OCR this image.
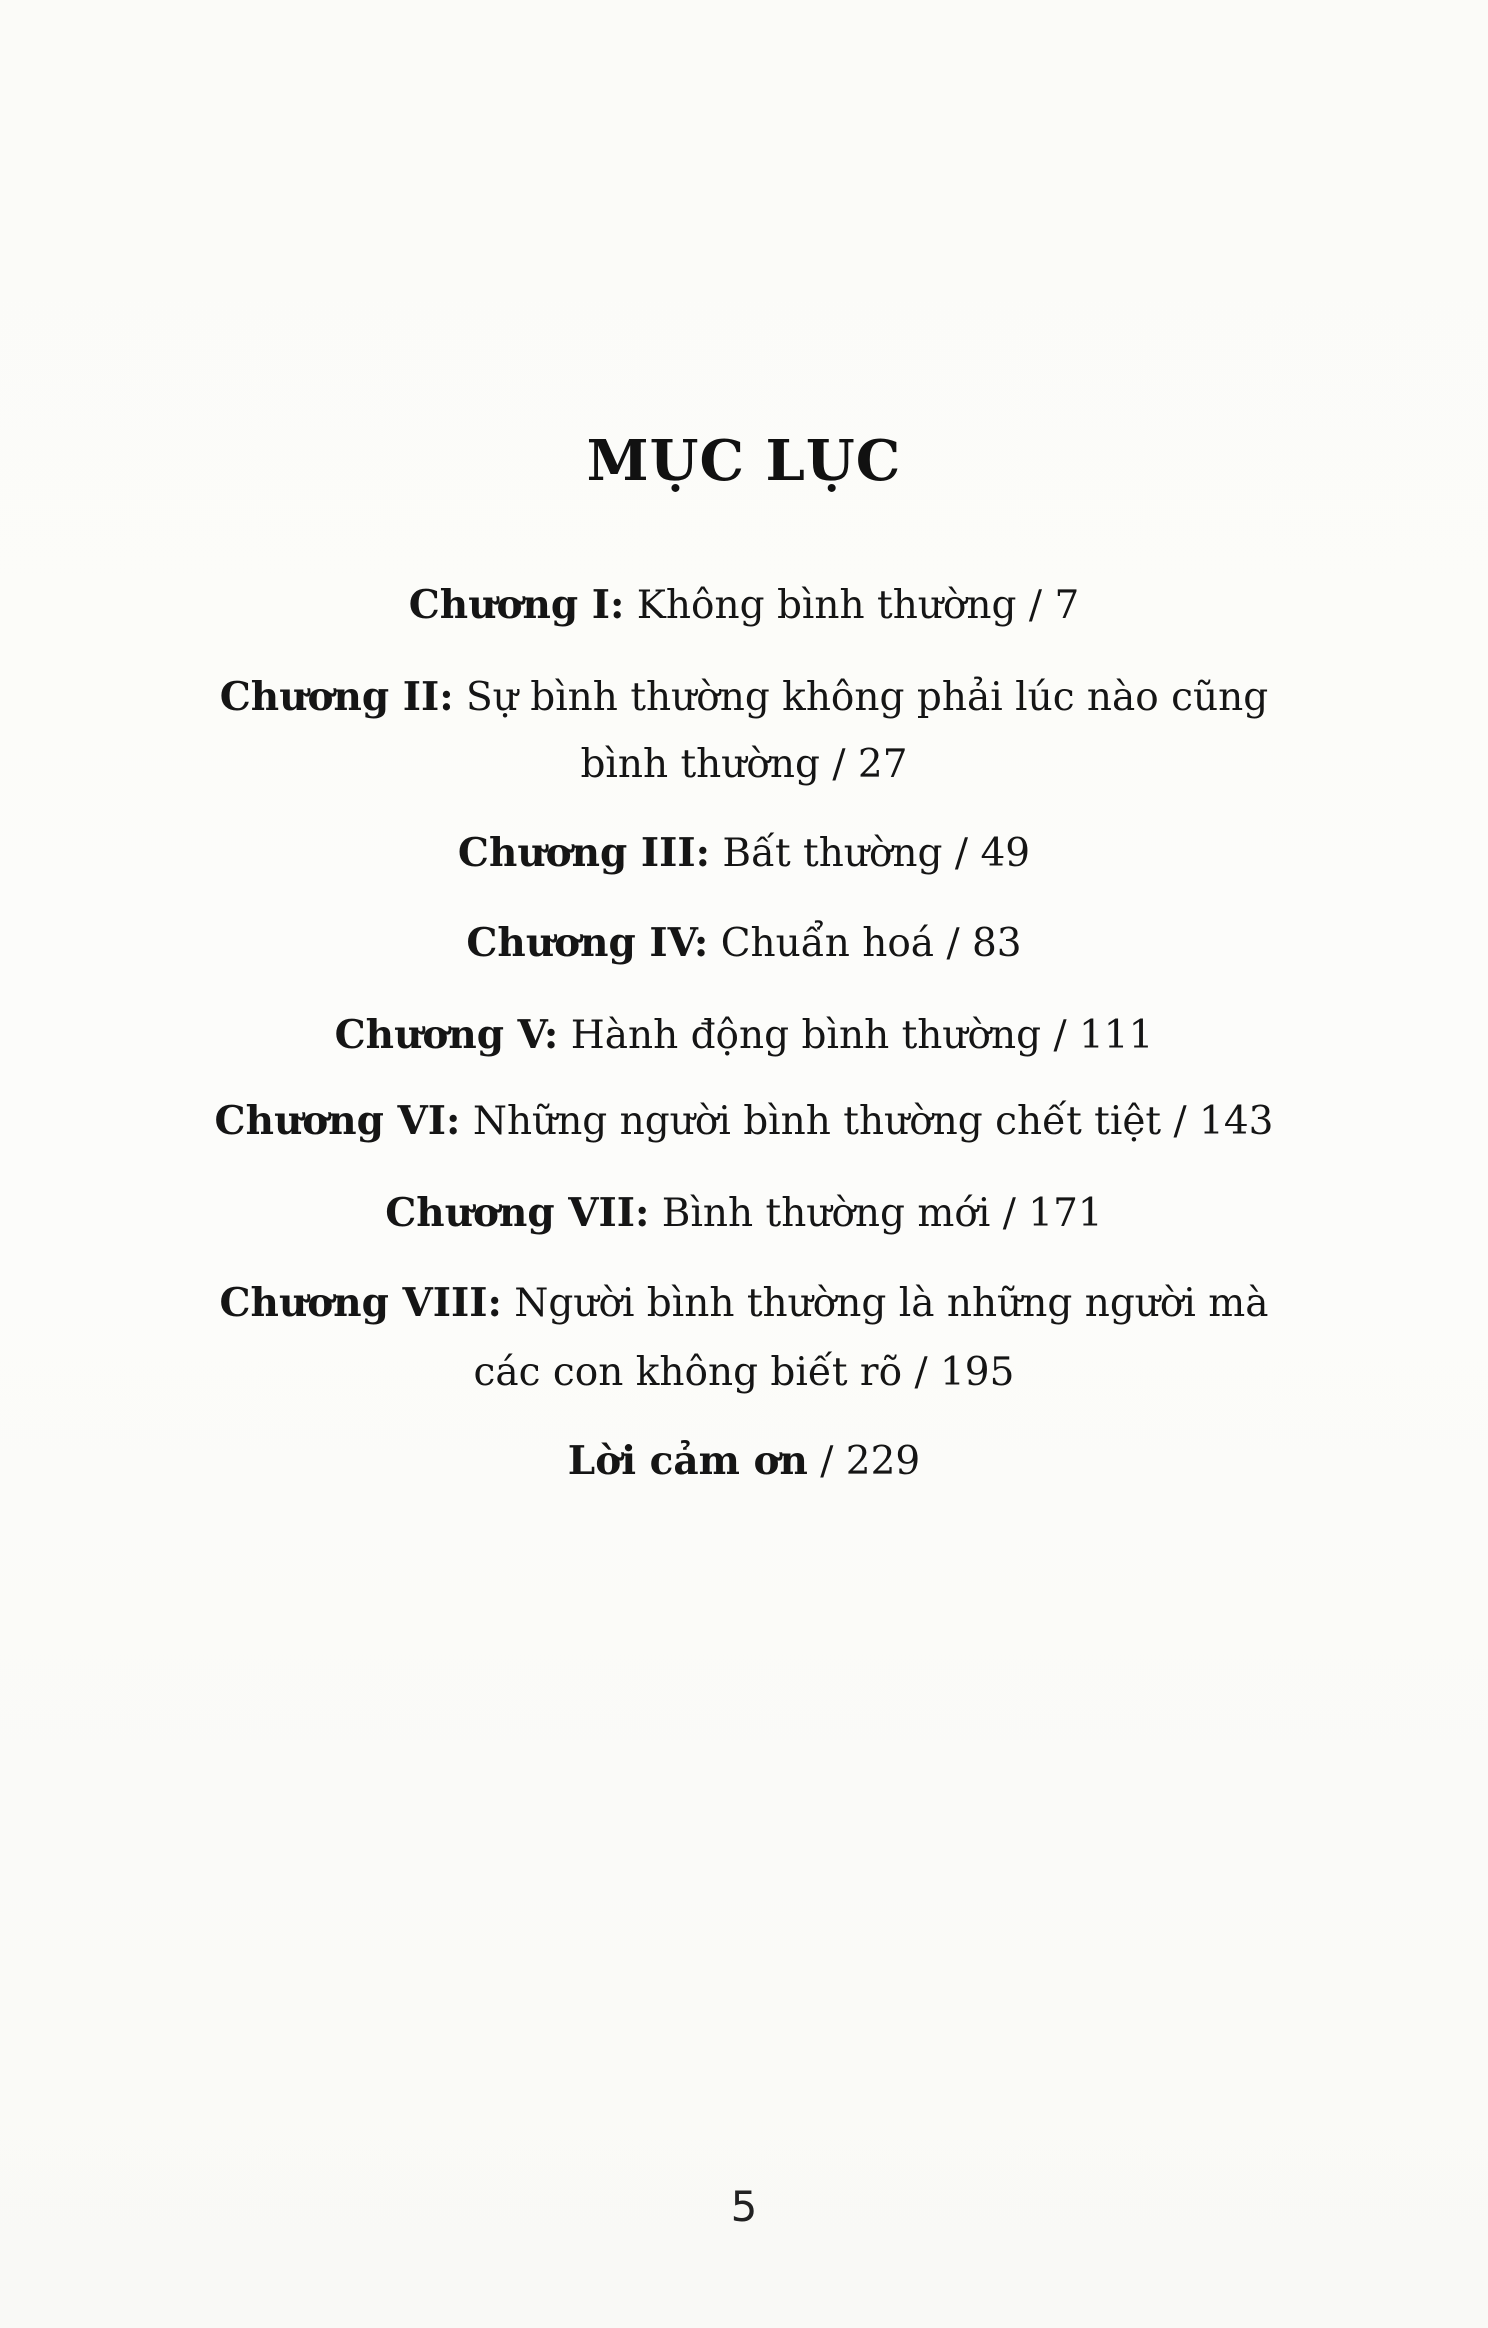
MỤC LỤC
Chương I: Không bình thường / 7
Chương II: Sự bình thường không phải lúc nào cũng
bình thường / 27
Chương III: Bất thường / 49
Chương IV: Chuẩn hoá / 83
Chương V: Hành động bình thường / 111
Chương VI: Những người bình thường chết tiệt / 143
Chương VII: Bình thường mới / 171
Chương VIII: Người bình thường là những người mà
các con không biết rõ / 195
Lời cảm ơn / 229
5
